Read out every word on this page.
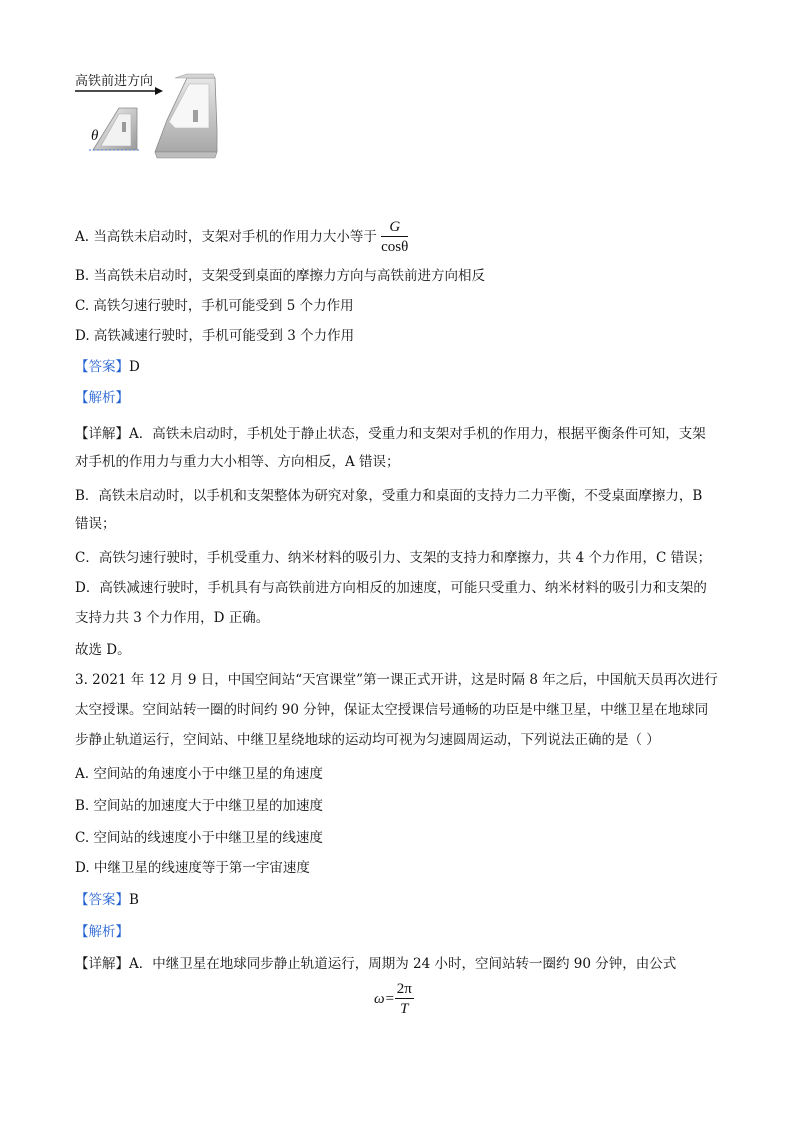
高铁前进方向
θ
A. 当高铁未启动时，支架对手机的作用力大小等于 $\frac{G}{\cos\theta}$
B. 当高铁未启动时，支架受到桌面的摩擦力方向与高铁前进方向相反
C. 高铁匀速行驶时，手机可能受到 5 个力作用
D. 高铁减速行驶时，手机可能受到 3 个力作用
【答案】D
【解析】
【详解】A．高铁未启动时，手机处于静止状态，受重力和支架对手机的作用力，根据平衡条件可知，支架
对手机的作用力与重力大小相等、方向相反，A 错误；
B．高铁未启动时，以手机和支架整体为研究对象，受重力和桌面的支持力二力平衡，不受桌面摩擦力，B
错误；
C．高铁匀速行驶时，手机受重力、纳米材料的吸引力、支架的支持力和摩擦力，共 4 个力作用，C 错误；
D．高铁减速行驶时，手机具有与高铁前进方向相反的加速度，可能只受重力、纳米材料的吸引力和支架的
支持力共 3 个力作用，D 正确。
故选 D。
3. 2021 年 12 月 9 日，中国空间站“天宫课堂”第一课正式开讲，这是时隔 8 年之后，中国航天员再次进行
太空授课。空间站转一圈的时间约 90 分钟，保证太空授课信号通畅的功臣是中继卫星，中继卫星在地球同
步静止轨道运行，空间站、中继卫星绕地球的运动均可视为匀速圆周运动，下列说法正确的是（ ）
A. 空间站的角速度小于中继卫星的角速度
B. 空间站的加速度大于中继卫星的加速度
C. 空间站的线速度小于中继卫星的线速度
D. 中继卫星的线速度等于第一宇宙速度
【答案】B
【解析】
【详解】A．中继卫星在地球同步静止轨道运行，周期为 24 小时，空间站转一圈约 90 分钟，由公式
$\omega= \frac{2\pi}{T}$
